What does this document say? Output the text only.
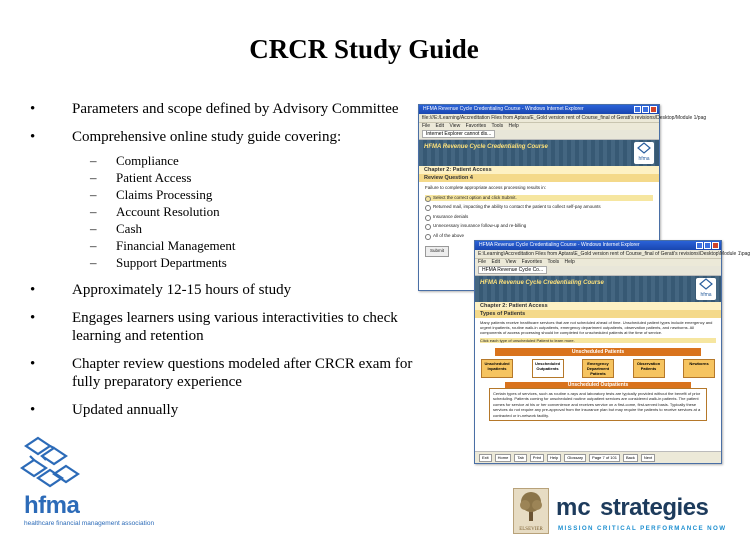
CRCR Study Guide
• Parameters and scope defined by Advisory Committee
• Comprehensive online study guide covering:
– Compliance
– Patient Access
– Claims Processing
– Account Resolution
– Cash
– Financial Management
– Support Departments
• Approximately 12-15 hours of study
• Engages learners using various interactivities to check learning and retention
• Chapter review questions modeled after CRCR exam for fully preparatory experience
• Updated annually
HFMA Revenue Cycle Credentialing Course - Windows Internet Explorer
file:///E:/Learning/Accreditation Files from Aptara/E_Gold version rent of Course_final of Gerati's revisions/Desktop/Module 1/pag
File Edit View Favorites Tools Help
Internet Explorer cannot dis...
HFMA Revenue Cycle Credentialing Course
hfma
Chapter 2: Patient Access
Review Question 4
Failure to complete appropriate access processing results in:
Select the correct option and click Submit.
Returned mail, impacting the ability to contact the patient to collect self-pay amounts
Insurance denials
Unnecessary insurance follow-up and re-billing
All of the above
Submit
HFMA Revenue Cycle Credentialing Course - Windows Internet Explorer
E:\Learning\Accreditation Files from Aptara\E_Gold version rent of Course_final of Gerati's revisions\Desktop\Module 1\pag
File Edit View Favorites Tools Help
HFMA Revenue Cycle Co...
HFMA Revenue Cycle Credentialing Course
hfma
Chapter 2: Patient Access
Types of Patients
Many patients receive healthcare services that are not scheduled ahead of time. Unscheduled patient types include emergency and urgent inpatients, routine walk-in outpatients, emergency department outpatients, observation patients, and newborns. All components of access processing should be completed for unscheduled patients at the time of service.
Click each type of unscheduled Patient to learn more.
Unscheduled Patients
Unscheduled Inpatients
Unscheduled Outpatients
Emergency Department Patients
Observation Patients
Newborns
Unscheduled Outpatients
Certain types of services, such as routine x-rays and laboratory tests are typically provided without the benefit of prior scheduling. Patients coming for unscheduled routine outpatient services are considered walk-in patients. The patient comes for service at his or her convenience and receives service on a first-come, first-served basis. Typically these services do not require any pre-approval from the insurance plan but may require the patients to receive services at a contracted or in-network facility.
Exit Home Tab Print Help Glossary Page 7 of 101 Back Next
hfma
healthcare financial management association
ELSEVIER
mc strategies
MISSION CRITICAL PERFORMANCE NOW
